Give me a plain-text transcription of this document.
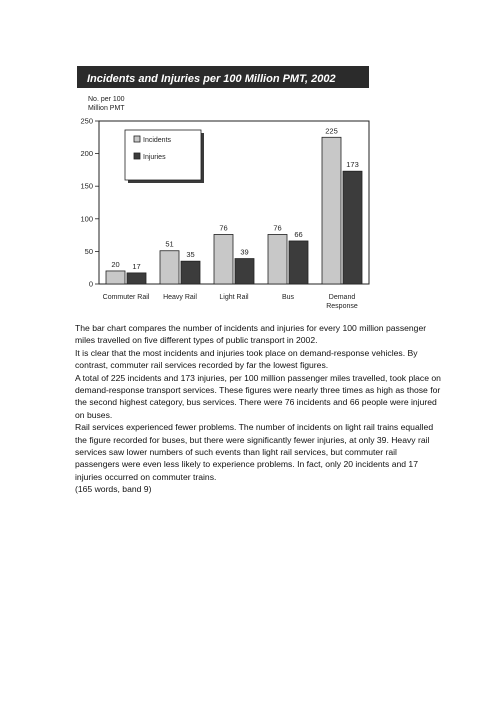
Incidents and Injuries per 100 Million PMT, 2002
No. per 100
Million PMT
0
50
100
150
200
250
20 17
51
35
76
39
76
66
225
173
Commuter Rail Heavy Rail	Light Rail	Bus	Demand
Response
Incidents
Injuries

The bar chart compares the number of incidents and injuries for every 100 million passenger miles travelled on five different types of public transport in 2002.

It is clear that the most incidents and injuries took place on demand-response vehicles. By contrast, commuter rail services recorded by far the lowest figures.

A total of 225 incidents and 173 injuries, per 100 million passenger miles travelled, took place on demand-response transport services. These figures were nearly three times as high as those for the second highest category, bus services. There were 76 incidents and 66 people were injured on buses.

Rail services experienced fewer problems. The number of incidents on light rail trains equalled the figure recorded for buses, but there were significantly fewer injuries, at only 39. Heavy rail services saw lower numbers of such events than light rail services, but commuter rail passengers were even less likely to experience problems. In fact, only 20 incidents and 17 injuries occurred on commuter trains.

(165 words, band 9)
